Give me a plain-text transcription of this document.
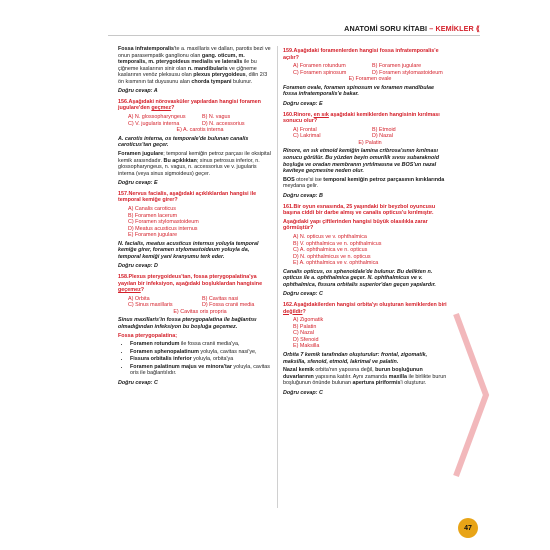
ANATOMİ SORU KİTABI – KEMİKLER ⟪

Fossa infratemporalis'te a. maxillaris ve dalları, parotis bezi ve onun parasempatik ganglionu olan gang. oticum, m. temporalis, m. pterygoideus medialis ve lateralis ile bu çiğneme kaslarının sinir olan n. mandibularis ve çiğneme kaslarının venöz pleksusu olan plexus pterygoideus, dilin 2/3 ön kısmının tat duyusunu alan chorda tympani bulunur.

Doğru cevap: A

156.Aşağıdaki nörovasküler yapılardan hangisi foramen jugulare'den geçmez?

A) N. glossopharyngeus	B) N. vagus
C) V. jugularis interna	D) N. accessorius
E) A. carotis interna

A. carotis interna, os temporale'de bulunan canalis caroticus'tan geçer.

Foramen jugulare; temporal kemiğin petroz parçası ile oksipital kemik arasındadır. Bu açıklıktan; sinus petrosus inferior, n. glossopharyngeus, n. vagus, n. accessorius ve v. jugularis interna (veya sinus sigmoideus) geçer.

Doğru cevap: E

157.Nervus facialis, aşağıdaki açıklıklardan hangisi ile temporal kemiğe girer?

A) Canalis caroticus
B) Foramen lacerum
C) Foramen stylomastoideum
D) Meatus acusticus internus
E) Foramen jugulare

N. facialis, meatus acusticus internus yoluyla temporal kemiğe girer, foramen stylomastoideum yoluyla da, temporal kemiği yani kranyumu terk eder.

Doğru cevap: D

158.Plexus pterygoideus'tan, fossa pterygopalatina'ya yayılan bir infeksiyon, aşağıdaki boşluklardan hangisine geçemez?

A) Orbita	B) Cavitas nasi
C) Sinus maxillaris	D) Fossa cranii media
E) Cavitas oris propria

Sinus maxillaris'in fossa pterygopalatina ile bağlantısı olmadığından infeksiyon bu boşluğa geçemez.

Fossa pterygopalatina;
• Foramen rotundum ile fossa cranii media'ya,
• Foramen sphenopalatinum yoluyla, cavitas nasi'ye,
• Fissura orbitalis inferior yoluyla, orbita'ya
• Foramen palatinum majus ve minora'tar yoluyla, cavitas oris ile bağlantılıdır.
Doğru cevap: C

159.Aşağıdaki foramenlerden hangisi fossa infratemporalis'e açılır?

A) Foramen rotundum	B) Foramen jugulare
C) Foramen spinosum	D) Foramen stylomastoideum
E) Foramen ovale

Foramen ovale, foramen spinosum ve foramen mandibulae fossa infratemporalis'e bakar.

Doğru cevap: E

160.Rinore, en sık aşağıdaki kemiklerden hangisinin kırılması sonucu olur?

A) Frontal	B) Etmoid
C) Lakrimal	D) Nazal
E) Palatin

Rinore, en sık etmoid kemiğin lamina cribrosa'sının kırılması sonucu görülür. Bu yüzden beyin omurilik sıvısı subaraknoid boşluğa ve oradan membranın yırtılmasına ve BOS'un nazal kaviteye geçmesine neden olur.

BOS otore'si ise temporal kemiğin petroz parçasının kırıklarında meydana gelir.

Doğru cevap: B

161.Bir oyun esnasında, 25 yaşındaki bir beyzbol oyuncusu başına ciddi bir darbe almış ve canalis opticus'u kırılmıştır.

Aşağıdaki yapı çiftlerinden hangisi büyük olasılıkla zarar görmüştür?

A) N. opticus ve v. ophthalmica
B) V. ophthalmica ve n. ophthalmicus
C) A. ophthalmica ve n. opticus
D) N. ophthalmicus ve n. opticus
E) A. ophthalmica ve v. ophthalmica

Canalis opticus, os sphenoidale'de bulunur. Bu delikten n. opticus ile a. ophthalmica geçer. N. ophthalmicus ve v. ophthalmica, fissura orbitalis superior'dan geçen yapılardır.

Doğru cevap: C

162.Aşağıdakilerden hangisi orbita'yı oluşturan kemiklerden biri değildir?

A) Zigomatik
B) Palatin
C) Nazal
D) Sfenoid
E) Maksilla

Orbita 7 kemik tarafından oluşturulur: frontal, zigomatik, maksilla, sfenoid, etmoid, lakrimal ve palatin.

Nazal kemik orbita'nın yapısına değil, burun boşluğunun duvarlarının yapısına katılır. Aynı zamanda maxilla ile birlikte burun boşluğunun önünde bulunan apertura piriformis'i oluşturur.

Doğru cevap: C
47
